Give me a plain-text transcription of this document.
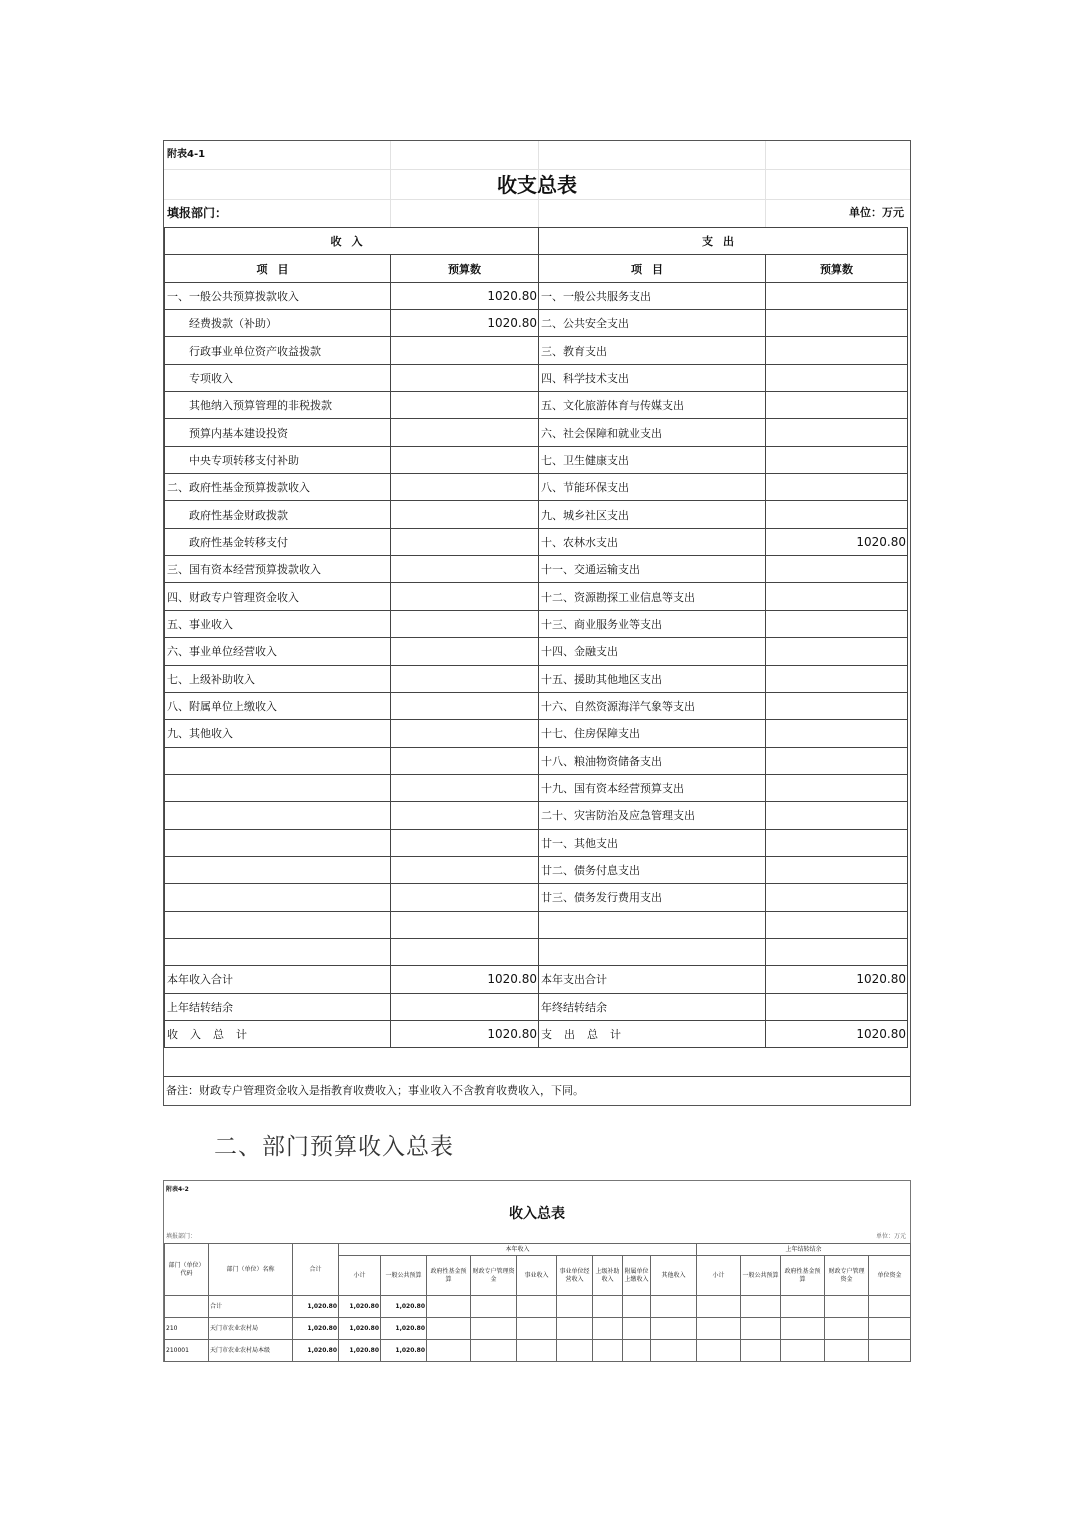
附表4-1
收支总表
填报部门：	单位：万元
收入		支出	
项目	预算数	项目	预算数
一、一般公共预算拨款收入	1020.80	一、一般公共服务支出	
经费拨款（补助）	1020.80	二、公共安全支出	
行政事业单位资产收益拨款		三、教育支出	
专项收入		四、科学技术支出	
其他纳入预算管理的非税拨款		五、文化旅游体育与传媒支出	
预算内基本建设投资		六、社会保障和就业支出	
中央专项转移支付补助		七、卫生健康支出	
二、政府性基金预算拨款收入		八、节能环保支出	
政府性基金财政拨款		九、城乡社区支出	
政府性基金转移支付		十、农林水支出	1020.80
三、国有资本经营预算拨款收入		十一、交通运输支出	
四、财政专户管理资金收入		十二、资源勘探工业信息等支出	
五、事业收入		十三、商业服务业等支出	
六、事业单位经营收入		十四、金融支出	
七、上级补助收入		十五、援助其他地区支出	
八、附属单位上缴收入		十六、自然资源海洋气象等支出	
九、其他收入		十七、住房保障支出	
		十八、粮油物资储备支出	
		十九、国有资本经营预算支出	
		二十、灾害防治及应急管理支出	
		廿一、其他支出	
		廿二、债务付息支出	
		廿三、债务发行费用支出	

本年收入合计	1020.80	本年支出合计	1020.80
上年结转结余		年终结转结余	
收入总计	1020.80	支出总计	1020.80
备注：财政专户管理资金收入是指教育收费收入；事业收入不含教育收费收入，下同。
二、部门预算收入总表
附表4-2
收入总表
填报部门：	单位：万元
部门（单位）代码	部门（单位）名称	合计	本年收入									上年结转结余				
			小计	一般公共预算	政府性基金预算	财政专户管理资金	事业收入	事业单位经营收入	上级补助收入	附属单位上缴收入	其他收入	小计	一般公共预算	政府性基金预算	财政专户管理资金	单位资金
	合计	1,020.80	1,020.80	1,020.80												
210	天门市农业农村局	1,020.80	1,020.80	1,020.80												
210001	天门市农业农村局本级	1,020.80	1,020.80	1,020.80												
